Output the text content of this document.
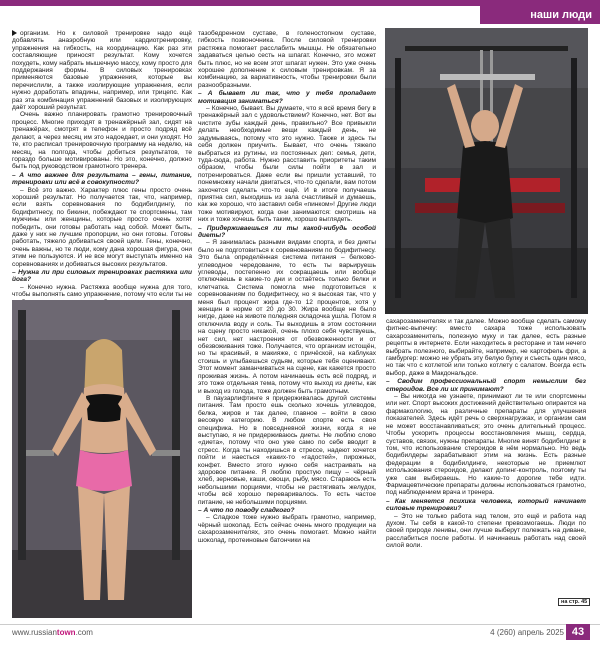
наши люди

организм. Но к силовой тренировке надо ещё добавлять анаэробную или кардиотренировку, упражнения на гибкость, на координацию. Как раз эти составляющие приносят результат. Кому хочется похудеть, кому набрать мышечную массу, кому просто для поддержания формы. В силовых тренировках применяются базовые упражнения, которые вы перечислили, а также изолирующие упражнения, если нужно доработать впадины, например, или трицепс. Как раз эта комбинация упражнений базовых и изолирующих даёт хороший результат.

Очень важно планировать грамотно тренировочный процесс. Многие приходят в тренажёрный зал, сидят на тренажёрах, смотрят в телефон и просто подряд всё делают, а через месяц им это надоедает, и они уходят. Но те, кто расписал тренировочную программу на неделю, на месяц, на полгода, чтобы добиться результатов, те гораздо больше мотивированы. Но это, конечно, должно быть под руководством грамотного тренера.

– А что важнее для результата – гены, питание, тренировки или всё в совокупности?

– Всё это важно. Характер плюс гены просто очень хороший результат. Но получается так, что, например, если взять соревнования по бодибилдингу, по бодифитнесу, по бикини, побеждают те спортсмены, там мужчины или женщины, которые просто очень хотят победить, они готовы работать над собой. Может быть, даже у них не лучшие пропорции, но они готовы. Готовы работать, тяжело добиваться своей цели. Гены, конечно, очень важны, но те люди, кому дана хорошая фигура, они этим не пользуются. И не все могут выступать именно на соревнованиях и добиваться высоких результатов.

– Нужна ли при силовых тренировках растяжка или йога?

– Конечно нужна. Растяжка вообще нужна для того, чтобы выполнять само упражнение, потому что если ты не

тазобедренном суставе, в голеностопном суставе, гибкость позвоночника. После силовой тренировки растяжка помогает расслабить мышцы. Не обязательно задаваться целью сесть на шпагат. Конечно, это может быть плюс, но не всем этот шпагат нужен. Это уже очень хорошее дополнение к силовым тренировкам. Я за комбинацию, за вариативность, чтобы тренировки были разнообразными.

– А бывает ли так, что у тебя пропадает мотивация заниматься?

– Конечно, бывает. Вы думаете, что я всё время бегу в тренажёрный зал с удовольствием? Конечно, нет. Вот вы чистите зубы каждый день, правильно? Все привыкли делать необходимые вещи каждый день, не задумываясь, потому что это нужно. Также и здесь ты себя должен приучить. Бывает, что очень тяжело выбраться из рутины, из постоянных дел: семья, дети, туда-сюда, работа. Нужно расставить приоритеты таким образом, чтобы были силы пойти в зал и потренироваться. Даже если вы пришли уставший, то понемножку начали двигаться, что-то сделали, вам потом захочется сделать что-то ещё. И в итоге получаешь приятна сил, выходишь из зала счастливый и думаешь, как же хорошо, что заставил себя «пинком»! Другие люди тоже мотивируют, когда они занимаются: смотришь на них и тоже хочешь быть таким, хорошо выглядеть.

– Придерживаешься ли ты какой-нибудь особой диеты?

– Я занималась разными видами спорта, и без диеты было не подготовиться к соревнованиям по бодифитнесу. Это была определённая система питания – белково-углеводное чередование, то есть ты варьируешь углеводы, постепенно их сокращаешь или вообще отключаешь в какие-то дни и остаётесь только белки и клетчатка. Система помогла мне подготовиться к соревнованиям по бодифитнесу, но я высокая так, что у меня был процент жира где-то 12 процентов, хотя у женщин в норме от 20 до 30. Жира вообще не было нигде, даже на животе поледняя складочка ушла. Потом я отключила воду и соль. Ты выходишь в этом состоянии на сцену просто никакой, очень плохо себя чувствуешь, нет сил, нет настроения от обезвоженности и от обезвоживания тоже. Получается, что организм истощён, но ты красивый, в макияже, с причёской, на каблуках стоишь и улыбаешься судьям, которые тебя оценивают. Этот момент заманчиваться на сцене, как кажется просто проживая жизнь. А потом начинаешь есть всё подряд, и это тоже отдельная тема, потому что выход из диеты, как и выход из голода, тоже должен быть грамотным.

В паузарлифтинге я придерживалась другой системы питания. Там просто ешь сколько хочешь углеводов, белка, жиров и так далее, главное – войти в свою весовую категорию. В любом спорте есть своя специфика. Но в повседневной жизни, когда я не выступаю, я не придерживаюсь диеты. Не люблю слово «диета», потому что оно уже само по себе вводит в стресс. Когда ты находишься в стрессе, надеют хочется пойти и наесться «каких-то «гадостей», пирожных, конфет. Вместо этого нужно себя настраивать на здоровое питание. Я люблю простую пищу – чёрный хлеб, зерновые, каши, овощи, рыбу, мясо. Стараюсь есть небольшими порциями, чтобы не растягивать желудок, чтобы всё хорошо переваривалось. То есть частое питание, не небольшими порциями.

– А что по поводу сладкого?

– Сладкое тоже нужно выбрать грамотно, например, чёрный шоколад. Есть сейчас очень много продукции на сахарозаменителях, это очень помогает. Можно найти шоколад, протеиновые батончики на

сахарозаменителях и так далее. Можно вообще сделать самому фитнес-выпечку: вместо сахара тоже использовать сахарозаменитель, полезную муку и так далее, есть разные рецепты в интернете. Если находитесь в ресторане и там нечего выбрать полезного, выбирайте, например, не картофель фри, а гамбургер: можно не убрать эту белую булку и съесть один мясо, но так что с котлетой или только котлету с салатом. Всегда есть выбор, даже в Макдональдсе.

– Сводим профессиональный спорт немыслим без стероидов. Все ли их принимают?

– Вы никогда не узнаете, принимают ли те или спортсмены или нет. Спорт высоких достижений действительно опирается на фармакологию, на различные препараты для улучшения показателей. Здесь идёт речь о сверхнагрузках, и организм сам не может восстанавливаться; это очень длительный процесс. Чтобы ускорить процессы восстановления мышц, сердца, суставов, связок, нужны препараты. Многие винят бодибилдинг в том, что использование стероидов в нём нормально. Но ведь бодибилдеры зарабатывают этим на жизнь. Есть разные федерации в бодибилдинге, некоторые не приемлют использования стероидов, делают допинг-контроль, поэтому ты уже сам выбираешь. Но какие-то дорогие тебе идти. Фармацевтические препараты должны использоваться грамотно, под наблюдением врача и тренера.

– Как меняется психика человека, который начинает силовые тренировки?

– Это не только работа над телом, это ещё и работа над духом. Ты себя в какой-то степени превозмогаешь. Люди по своей природе ленивы, они лучше выберут полежать на диване, расслабиться после работы. И начинаешь работать над своей силой воли.

на стр. 45
www.russiantown.com	4 (260) апрель 2025 43
